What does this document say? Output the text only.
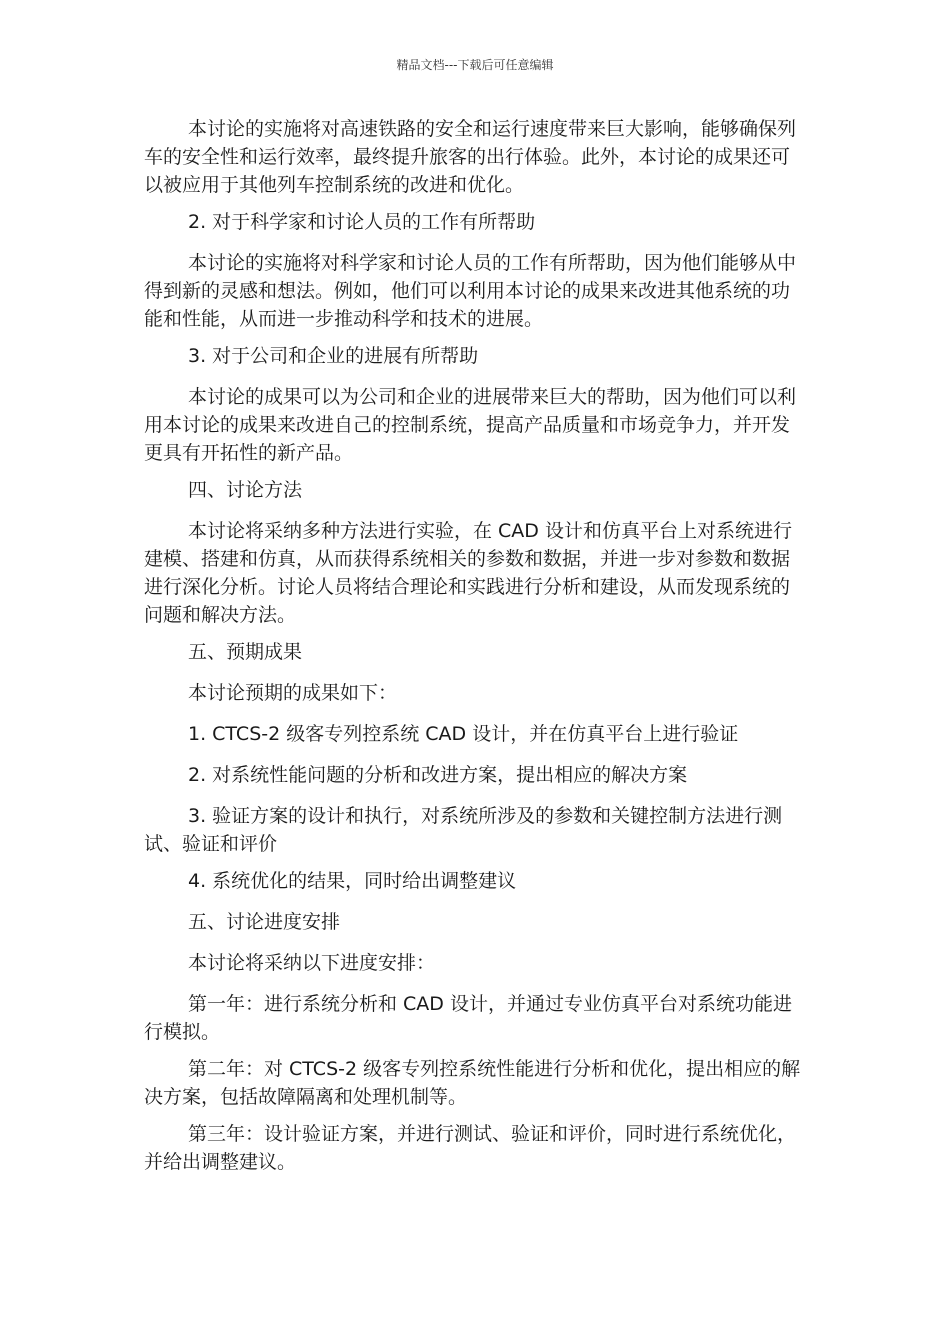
精品文档---下载后可任意编辑

本讨论的实施将对高速铁路的安全和运行速度带来巨大影响，能够确保列车的安全性和运行效率，最终提升旅客的出行体验。此外，本讨论的成果还可以被应用于其他列车控制系统的改进和优化。

2. 对于科学家和讨论人员的工作有所帮助

本讨论的实施将对科学家和讨论人员的工作有所帮助，因为他们能够从中得到新的灵感和想法。例如，他们可以利用本讨论的成果来改进其他系统的功能和性能，从而进一步推动科学和技术的进展。

3. 对于公司和企业的进展有所帮助

本讨论的成果可以为公司和企业的进展带来巨大的帮助，因为他们可以利用本讨论的成果来改进自己的控制系统，提高产品质量和市场竞争力，并开发更具有开拓性的新产品。

四、讨论方法

本讨论将采纳多种方法进行实验，在 CAD 设计和仿真平台上对系统进行建模、搭建和仿真，从而获得系统相关的参数和数据，并进一步对参数和数据进行深化分析。讨论人员将结合理论和实践进行分析和建设，从而发现系统的问题和解决方法。

五、预期成果

本讨论预期的成果如下：

1. CTCS-2 级客专列控系统 CAD 设计，并在仿真平台上进行验证

2. 对系统性能问题的分析和改进方案，提出相应的解决方案

3. 验证方案的设计和执行，对系统所涉及的参数和关键控制方法进行测试、验证和评价

4. 系统优化的结果，同时给出调整建议

五、讨论进度安排

本讨论将采纳以下进度安排：

第一年：进行系统分析和 CAD 设计，并通过专业仿真平台对系统功能进行模拟。

第二年：对 CTCS-2 级客专列控系统性能进行分析和优化，提出相应的解决方案，包括故障隔离和处理机制等。

第三年：设计验证方案，并进行测试、验证和评价，同时进行系统优化，并给出调整建议。
